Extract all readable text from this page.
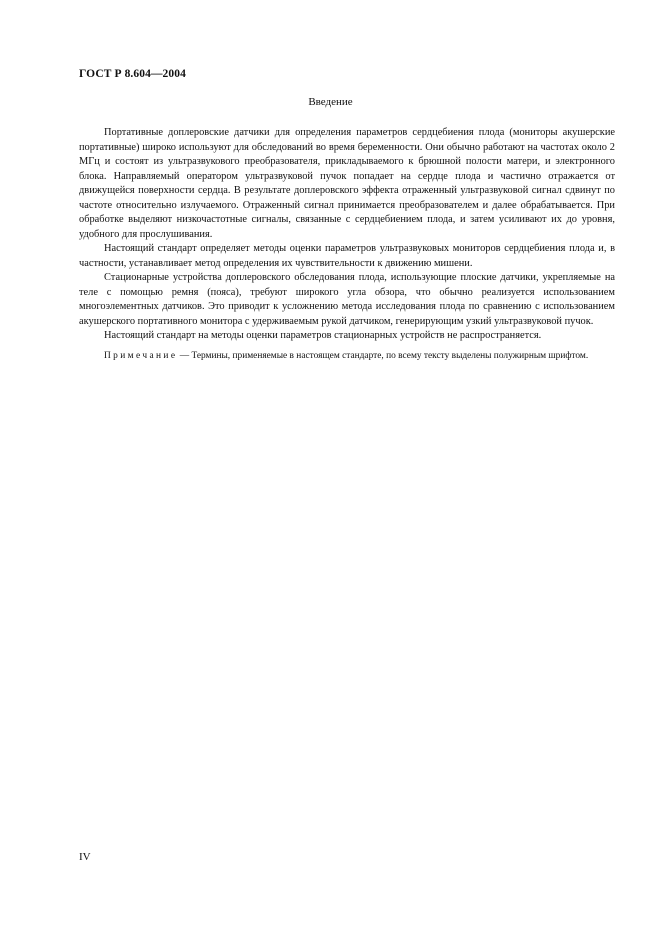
ГОСТ Р 8.604—2004
Введение

Портативные доплеровские датчики для определения параметров сердцебиения плода (мониторы акушерские портативные) широко используют для обследований во время беременности. Они обычно работают на частотах около 2 МГц и состоят из ультразвукового преобразователя, прикладываемого к брюшной полости матери, и электронного блока. Направляемый оператором ультразвуковой пучок попадает на сердце плода и частично отражается от движущейся поверхности сердца. В результате доплеровского эффекта отраженный ультразвуковой сигнал сдвинут по частоте относительно излучаемого. Отраженный сигнал принимается преобразователем и далее обрабатывается. При обработке выделяют низкочастотные сигналы, связанные с сердцебиением плода, и затем усиливают их до уровня, удобного для прослушивания.

Настоящий стандарт определяет методы оценки параметров ультразвуковых мониторов сердцебиения плода и, в частности, устанавливает метод определения их чувствительности к движению мишени.

Стационарные устройства доплеровского обследования плода, использующие плоские датчики, укрепляемые на теле с помощью ремня (пояса), требуют широкого угла обзора, что обычно реализуется использованием многоэлементных датчиков. Это приводит к усложнению метода исследования плода по сравнению с использованием акушерского портативного монитора с удерживаемым рукой датчиком, генерирующим узкий ультразвуковой пучок.

Настоящий стандарт на методы оценки параметров стационарных устройств не распространяется.

Примечание — Термины, применяемые в настоящем стандарте, по всему тексту выделены полужирным шрифтом.
IV
